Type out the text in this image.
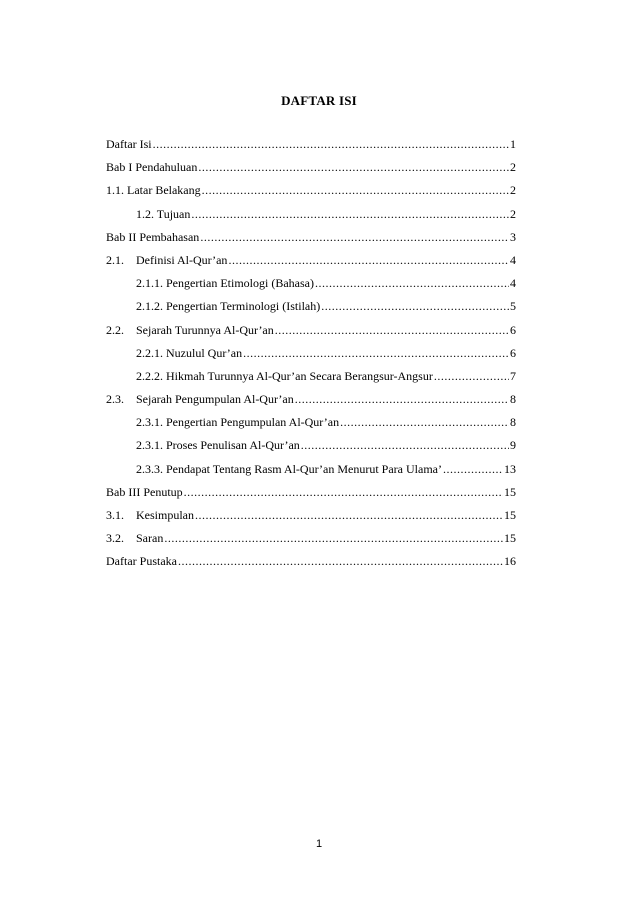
DAFTAR ISI
Daftar Isi .....	1
Bab I Pendahuluan .....	2
1.1. Latar Belakang .....	2
1.2. Tujuan .....	2
Bab II Pembahasan .....	3
2.1.	Definisi Al-Qur’an .....	4
2.1.1. Pengertian Etimologi (Bahasa) .....	4
2.1.2. Pengertian Terminologi (Istilah) .....	5
2.2.	Sejarah Turunnya Al-Qur’an .....	6
2.2.1. Nuzulul Qur’an .....	6
2.2.2. Hikmah Turunnya Al-Qur’an Secara Berangsur-Angsur .....	7
2.3.	Sejarah Pengumpulan Al-Qur’an .....	8
2.3.1. Pengertian Pengumpulan Al-Qur’an .....	8
2.3.1. Proses Penulisan Al-Qur’an .....	9
2.3.3. Pendapat Tentang Rasm Al-Qur’an Menurut Para Ulama’ .....	13
Bab III Penutup .....	15
3.1.	Kesimpulan .....	15
3.2.	Saran .....	15
Daftar Pustaka .....	16
1
